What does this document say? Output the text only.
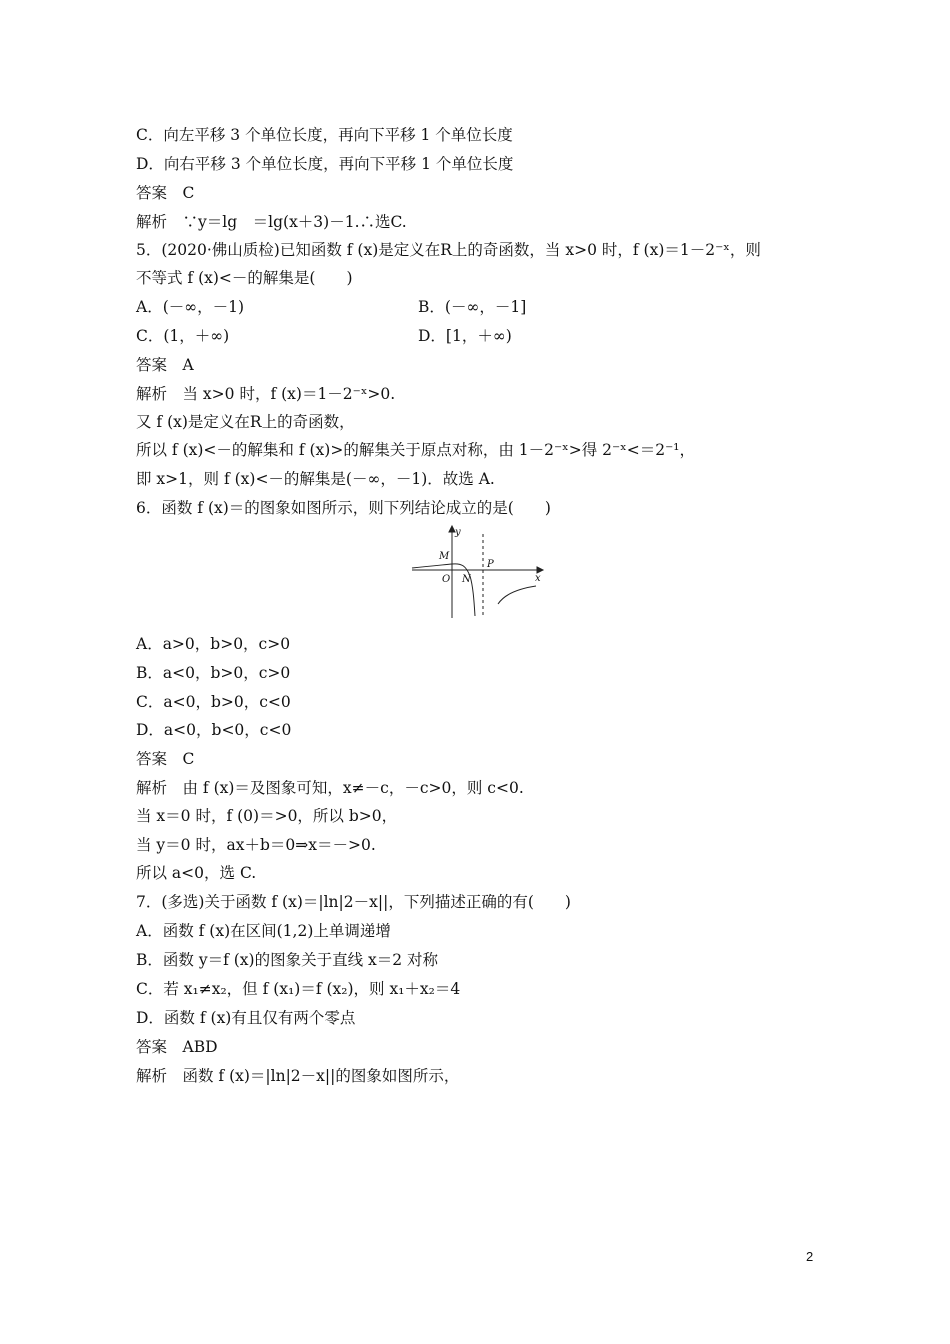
C．向左平移 3 个单位长度，再向下平移 1 个单位长度
D．向右平移 3 个单位长度，再向下平移 1 个单位长度
答案　C
解析　∵y＝lg　＝lg(x＋3)－1.∴选C.
5．(2020·佛山质检)已知函数 f (x)是定义在R上的奇函数，当 x>0 时，f (x)＝1－2⁻ˣ，则
不等式 f (x)<－的解集是(　　)
A．(－∞，－1)	B．(－∞，－1]
C．(1，＋∞)	D．[1，＋∞)
答案　A
解析　当 x>0 时，f (x)＝1－2⁻ˣ>0.
又 f (x)是定义在R上的奇函数，
所以 f (x)<－的解集和 f (x)>的解集关于原点对称，由 1－2⁻ˣ>得 2⁻ˣ<＝2⁻¹，
即 x>1，则 f (x)<－的解集是(－∞，－1)．故选 A.
6．函数 f (x)＝的图象如图所示，则下列结论成立的是(　　)
y
x
M
O N
P
A．a>0，b>0，c>0
B．a<0，b>0，c>0
C．a<0，b>0，c<0
D．a<0，b<0，c<0
答案　C
解析　由 f (x)＝及图象可知，x≠－c，－c>0，则 c<0.
当 x＝0 时，f (0)＝>0，所以 b>0，
当 y＝0 时，ax＋b＝0⇒x＝－>0.
所以 a<0，选 C.
7．(多选)关于函数 f (x)＝|ln|2－x||，下列描述正确的有(　　)
A．函数 f (x)在区间(1,2)上单调递增
B．函数 y＝f (x)的图象关于直线 x＝2 对称
C．若 x₁≠x₂，但 f (x₁)＝f (x₂)，则 x₁＋x₂＝4
D．函数 f (x)有且仅有两个零点
答案　ABD
解析　函数 f (x)＝|ln|2－x||的图象如图所示，
2
